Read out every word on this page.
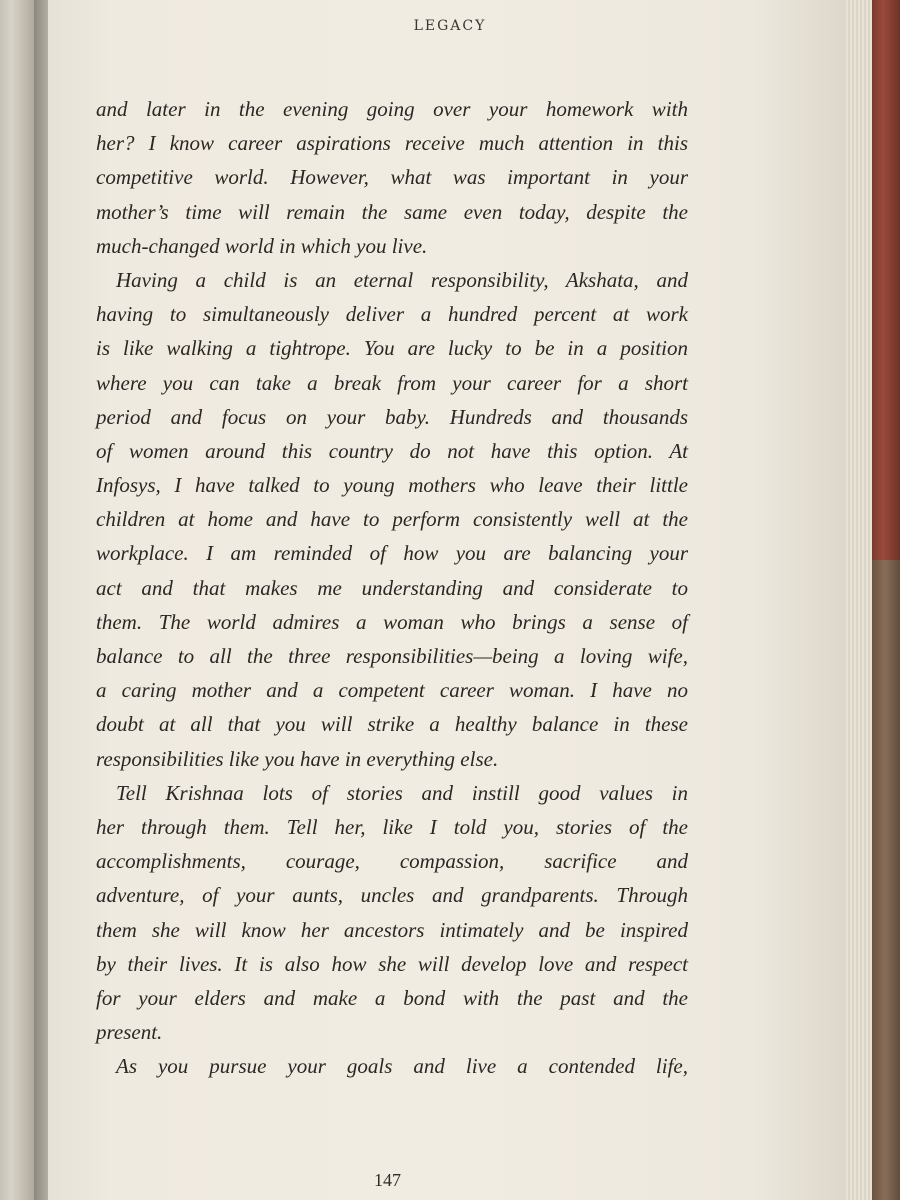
LEGACY
and later in the evening going over your homework with
her? I know career aspirations receive much attention in this
competitive world. However, what was important in your
mother’s time will remain the same even today, despite the
much-changed world in which you live.
Having a child is an eternal responsibility, Akshata, and
having to simultaneously deliver a hundred percent at work
is like walking a tightrope. You are lucky to be in a position
where you can take a break from your career for a short
period and focus on your baby. Hundreds and thousands
of women around this country do not have this option. At
Infosys, I have talked to young mothers who leave their little
children at home and have to perform consistently well at the
workplace. I am reminded of how you are balancing your
act and that makes me understanding and considerate to
them. The world admires a woman who brings a sense of
balance to all the three responsibilities—being a loving wife,
a caring mother and a competent career woman. I have no
doubt at all that you will strike a healthy balance in these
responsibilities like you have in everything else.
Tell Krishnaa lots of stories and instill good values in
her through them. Tell her, like I told you, stories of the
accomplishments, courage, compassion, sacrifice and
adventure, of your aunts, uncles and grandparents. Through
them she will know her ancestors intimately and be inspired
by their lives. It is also how she will develop love and respect
for your elders and make a bond with the past and the
present.
As you pursue your goals and live a contended life,
147
